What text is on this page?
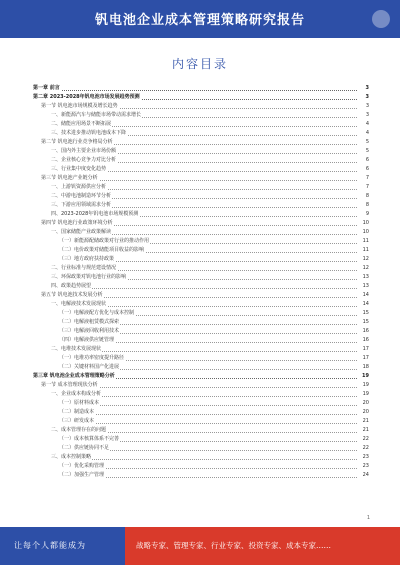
钒电池企业成本管理策略研究报告
内容目录
第一章 前言	3
第二章 2023-2028年钒电池市场发展趋势预测	3
第一节 钒电池市场规模及增长趋势	3
一、新能源汽车与储能市场带动需求增长	3
二、储能应用场景不断拓展	4
三、技术进步推动钒电池成本下降	4
第二节 钒电池行业竞争格局分析	5
一、国内外主要企业市场份额	5
二、企业核心竞争力对比分析	6
三、行业集中度变化趋势	6
第三节 钒电池产业链分析	7
一、上游钒资源供应分析	7
二、中游电池制造环节分析	8
三、下游应用领域需求分析	8
四、2023-2028年钒电池市场规模预测	9
第四节 钒电池行业政策环境分析	10
一、国家储能产业政策解读	10
（一）新能源配储政策对行业的推动作用	11
（二）电价政策对储能项目收益的影响	11
（三）地方政府扶持政策	12
二、行业标准与规范建设情况	12
三、环保政策对钒电池行业的影响	13
四、政策趋势展望	13
第五节 钒电池技术发展分析	14
一、电解液技术发展现状	14
（一）电解液配方优化与成本控制	15
（二）电解液租赁模式探索	15
（三）电解液回收利用技术	16
（四）电解液供应链管理	16
二、电堆技术发展现状	17
（一）电堆功率密度提升路径	17
（二）关键材料国产化进展	18
第三章 钒电池企业成本管理策略分析	19
第一节 成本管理现状分析	19
一、企业成本构成分析	19
（一）原材料成本	20
（二）制造成本	20
（三）研发成本	21
二、成本管理存在的问题	21
（一）成本核算体系不完善	22
（二）供应链协同不足	22
三、成本控制策略	23
（一）优化采购管理	23
（二）加强生产管理	24
1
让每个人都能成为	战略专家、管理专家、行业专家、投资专家、成本专家……
